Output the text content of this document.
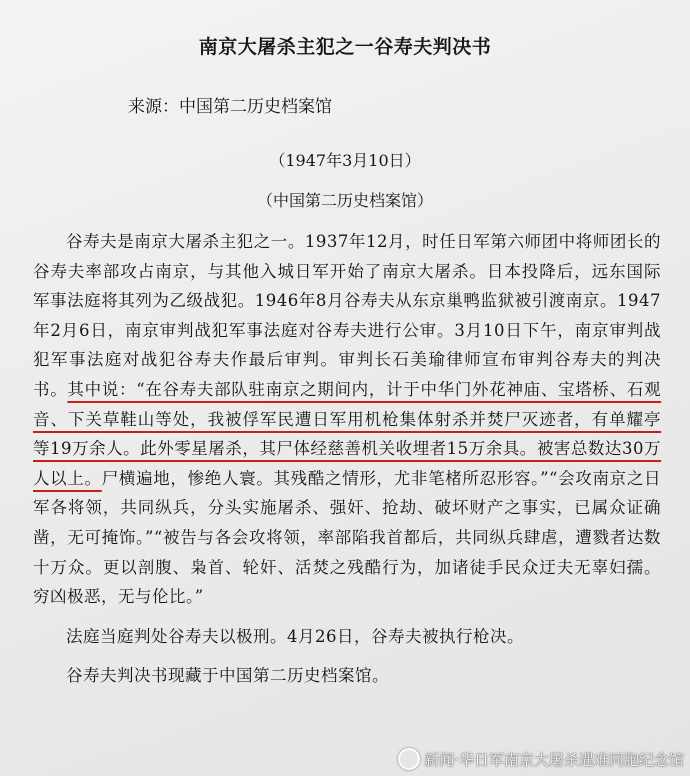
南京大屠杀主犯之一谷寿夫判决书
来源：中国第二历史档案馆
（1947年3月10日）
（中国第二历史档案馆）

谷寿夫是南京大屠杀主犯之一。1937年12月，时任日军第六师团中将师团长的谷寿夫率部攻占南京，与其他入城日军开始了南京大屠杀。日本投降后，远东国际军事法庭将其列为乙级战犯。1946年8月谷寿夫从东京巢鸭监狱被引渡南京。1947年2月6日，南京审判战犯军事法庭对谷寿夫进行公审。3月10日下午，南京审判战犯军事法庭对战犯谷寿夫作最后审判。审判长石美瑜律师宣布审判谷寿夫的判决书。其中说：“在谷寿夫部队驻南京之期间内，计于中华门外花神庙、宝塔桥、石观音、下关草鞋山等处，我被俘军民遭日军用机枪集体射杀并焚尸灭迹者，有单耀亭等19万余人。此外零星屠杀，其尸体经慈善机关收埋者15万余具。被害总数达30万人以上。尸横遍地，惨绝人寰。其残酷之情形，尤非笔楮所忍形容。”“会攻南京之日军各将领，共同纵兵，分头实施屠杀、强奸、抢劫、破坏财产之事实，已属众证确凿，无可掩饰。”“被告与各会攻将领，率部陷我首都后，共同纵兵肆虐，遭戮者达数十万众。更以剖腹、枭首、轮奸、活焚之残酷行为，加诸徒手民众迂夫无辜妇孺。穷凶极恶，无与伦比。”

法庭当庭判处谷寿夫以极刑。4月26日，谷寿夫被执行枪决。

谷寿夫判决书现藏于中国第二历史档案馆。

新闻·华日军南京大屠杀遇难同胞纪念馆
